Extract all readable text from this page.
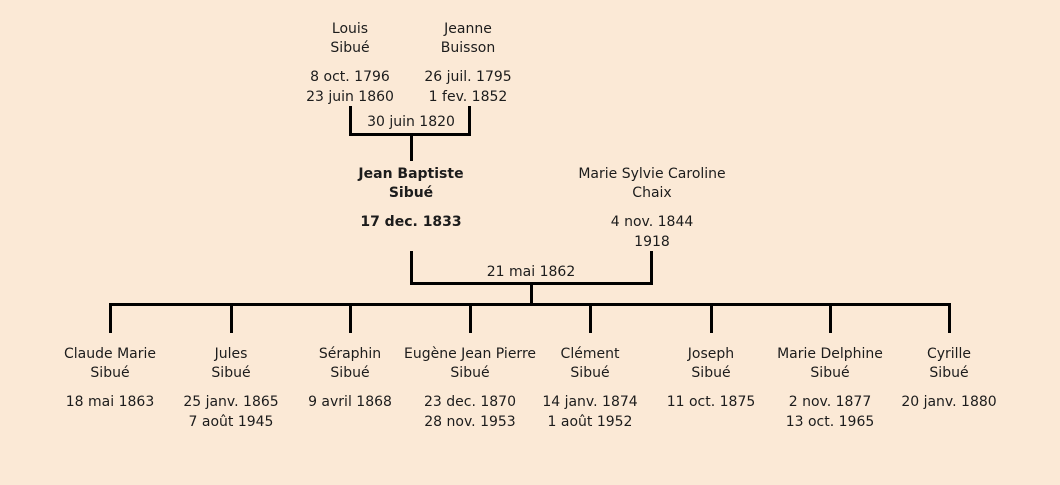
Louis
Sibué
8 oct. 1796
23 juin 1860
Jeanne
Buisson
26 juil. 1795
1 fev. 1852
30 juin 1820
Jean Baptiste
Sibué
17 dec. 1833
Marie Sylvie Caroline
Chaix
4 nov. 1844
1918
21 mai 1862
Claude Marie
Sibué
18 mai 1863
Jules
Sibué
25 janv. 1865
7 août 1945
Séraphin
Sibué
9 avril 1868
Eugène Jean Pierre
Sibué
23 dec. 1870
28 nov. 1953
Clément
Sibué
14 janv. 1874
1 août 1952
Joseph
Sibué
11 oct. 1875
Marie Delphine
Sibué
2 nov. 1877
13 oct. 1965
Cyrille
Sibué
20 janv. 1880
